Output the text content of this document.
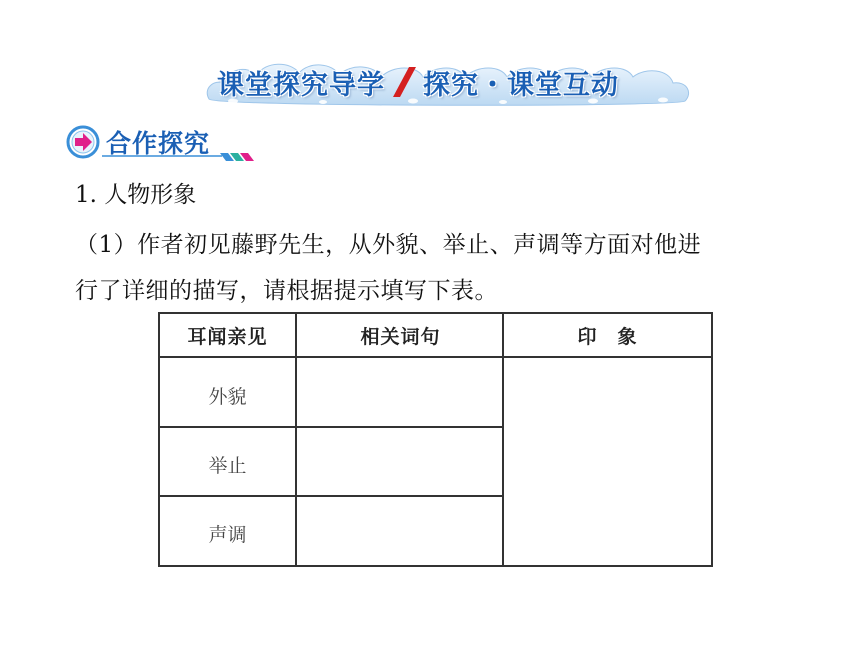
课堂探究导学 探究・课堂互动
合作探究
1. 人物形象
（1）作者初见藤野先生，从外貌、举止、声调等方面对他进
行了详细的描写，请根据提示填写下表。
耳闻亲见	相关词句	印　象
外貌
举止
声调
